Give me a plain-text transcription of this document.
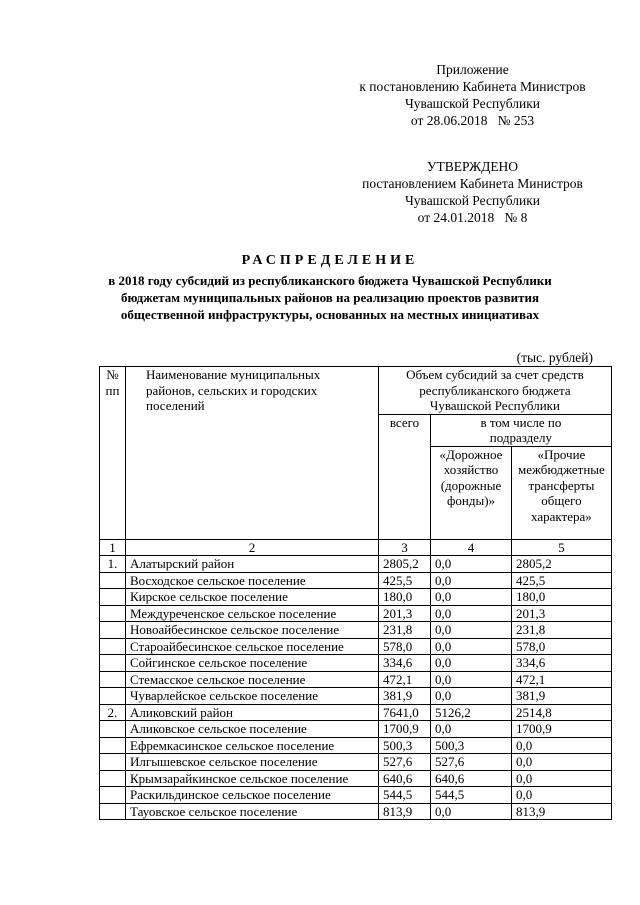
Приложение
к постановлению Кабинета Министров
Чувашской Республики
от 28.06.2018   № 253
УТВЕРЖДЕНО
постановлением Кабинета Министров
Чувашской Республики
от 24.01.2018   № 8
РАСПРЕДЕЛЕНИЕ
в 2018 году субсидий из республиканского бюджета Чувашской Республики
бюджетам муниципальных районов на реализацию проектов развития
общественной инфраструктуры, основанных на местных инициативах
(тыс. рублей)
№ пп	Наименование муниципальных районов, сельских и городских поселений	Объем субсидий за счет средств республиканского бюджета Чувашской Республики		
		всего	в том числе по подразделу	
			«Дорожное хозяйство (дорожные фонды)»	«Прочие межбюджетные трансферты общего характера»
1	2	3	4	5
1.	Алатырский район	2805,2	0,0	2805,2
	Восходское сельское поселение	425,5	0,0	425,5
	Кирское сельское поселение	180,0	0,0	180,0
	Междуреченское сельское поселение	201,3	0,0	201,3
	Новоайбесинское сельское поселение	231,8	0,0	231,8
	Староайбесинское сельское поселение	578,0	0,0	578,0
	Сойгинское сельское поселение	334,6	0,0	334,6
	Стемасское сельское поселение	472,1	0,0	472,1
	Чуварлейское сельское поселение	381,9	0,0	381,9
2.	Аликовский район	7641,0	5126,2	2514,8
	Аликовское сельское поселение	1700,9	0,0	1700,9
	Ефремкасинское сельское поселение	500,3	500,3	0,0
	Илгышевское сельское поселение	527,6	527,6	0,0
	Крымзарайкинское сельское поселение	640,6	640,6	0,0
	Раскильдинское сельское поселение	544,5	544,5	0,0
	Тауовское сельское поселение	813,9	0,0	813,9
